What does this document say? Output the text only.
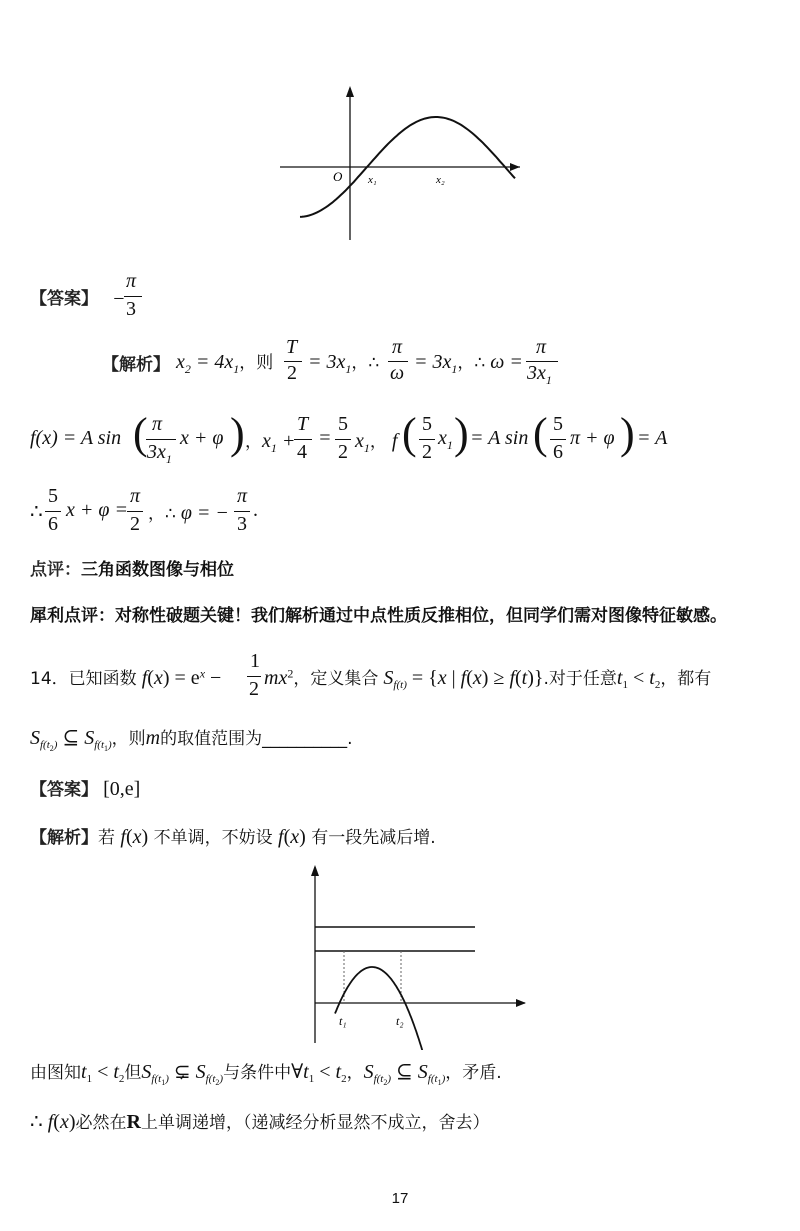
O x₁	x₂
【答案】 −
π
3
【解析】 $x_2 = 4x_1$，则
T
$2 = 3x_1$，∴
π
$\omega = 3x_1$，∴ ω =
π
$3x_1$
f(x) = A sin ( π
$3x_1$
x + φ ) ，$x_1$ +
T
4
=
5
2 $x_1$， f ( 5
2
$x_1$ ) = A sin ( 5
6
π + φ ) = A
∴
5
6
x + φ =
π
2 ，∴ φ = −
π
3
.
点评：三角函数图像与相位
犀利点评：对称性破题关键！我们解析通过中点性质反推相位，但同学们需对图像特征敏感。
14．已知函数 $f(x) = e^x$ −
1
2 $mx^2$，定义集合 $S_{f(t)} = \{x$ | f(x) ≥ f(t)}.对于任意$t_1 < t_2$，都有
$S_{f(t_2)}$ ⊆ $S_{f(t_1)}$，则m的取值范围为__________.
【答案】 [0,e]
【解析】若 f(x) 不单调，不妨设 f(x) 有一段先减后增.
t₁	t₂
由图知$t_1 < t_2$但$S_{f(t_1)}$ ⊊ $S_{f(t_2)}$与条件中$\forall t_1 < t_2$，$S_{f(t_2)}$ ⊆ $S_{f(t_1)}$，矛盾.
∴ f(x)必然在R上单调递增，（递减经分析显然不成立，舍去）
17
